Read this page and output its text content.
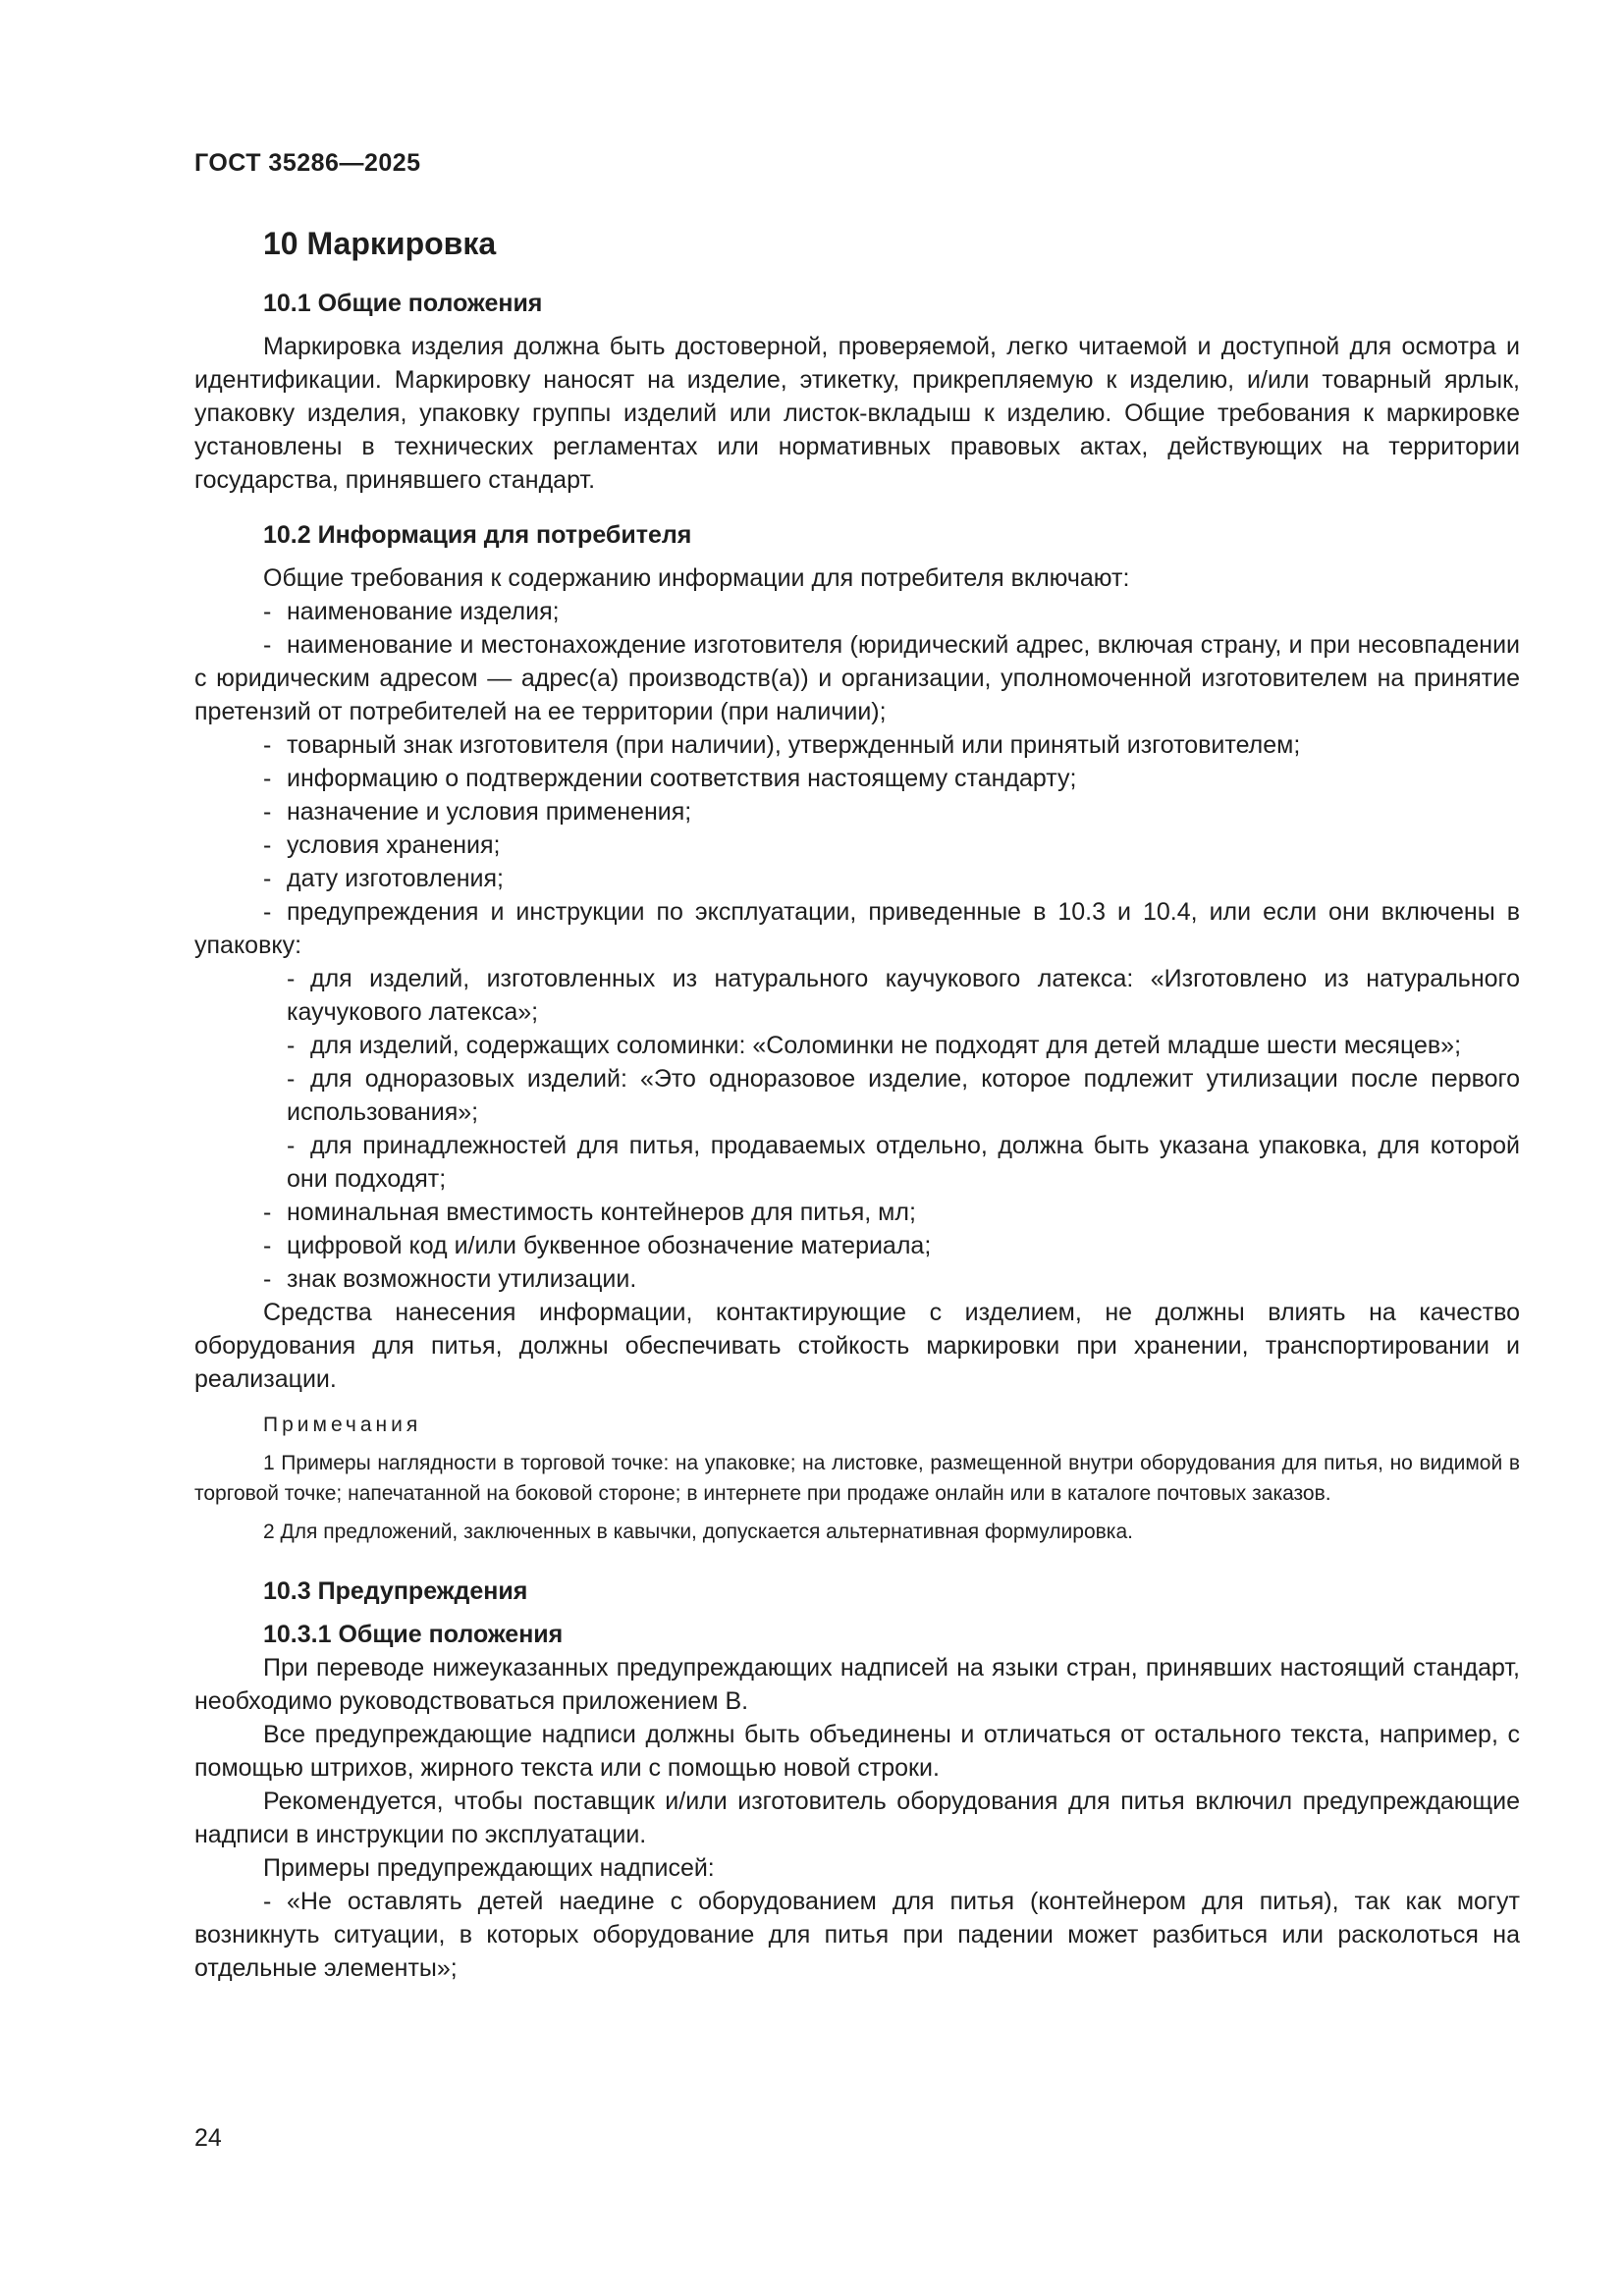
ГОСТ 35286—2025
10 Маркировка
10.1 Общие положения

Маркировка изделия должна быть достоверной, проверяемой, легко читаемой и доступной для осмотра и идентификации. Маркировку наносят на изделие, этикетку, прикрепляемую к изделию, и/или товарный ярлык, упаковку изделия, упаковку группы изделий или листок-вкладыш к изделию. Общие требования к маркировке установлены в технических регламентах или нормативных правовых актах, действующих на территории государства, принявшего стандарт.

10.2 Информация для потребителя

Общие требования к содержанию информации для потребителя включают:

- наименование изделия;
- наименование и местонахождение изготовителя (юридический адрес, включая страну, и при несовпадении с юридическим адресом — адрес(а) производств(а)) и организации, уполномоченной изготовителем на принятие претензий от потребителей на ее территории (при наличии);
- товарный знак изготовителя (при наличии), утвержденный или принятый изготовителем;
- информацию о подтверждении соответствия настоящему стандарту;
- назначение и условия применения;
- условия хранения;
- дату изготовления;
- предупреждения и инструкции по эксплуатации, приведенные в 10.3 и 10.4, или если они включены в упаковку:
- для изделий, изготовленных из натурального каучукового латекса: «Изготовлено из натурального каучукового латекса»;
- для изделий, содержащих соломинки: «Соломинки не подходят для детей младше шести месяцев»;
- для одноразовых изделий: «Это одноразовое изделие, которое подлежит утилизации после первого использования»;
- для принадлежностей для питья, продаваемых отдельно, должна быть указана упаковка, для которой они подходят;
- номинальная вместимость контейнеров для питья, мл;
- цифровой код и/или буквенное обозначение материала;
- знак возможности утилизации.

Средства нанесения информации, контактирующие с изделием, не должны влиять на качество оборудования для питья, должны обеспечивать стойкость маркировки при хранении, транспортировании и реализации.

Примечания

1 Примеры наглядности в торговой точке: на упаковке; на листовке, размещенной внутри оборудования для питья, но видимой в торговой точке; напечатанной на боковой стороне; в интернете при продаже онлайн или в каталоге почтовых заказов.

2 Для предложений, заключенных в кавычки, допускается альтернативная формулировка.

10.3 Предупреждения
10.3.1 Общие положения

При переводе нижеуказанных предупреждающих надписей на языки стран, принявших настоящий стандарт, необходимо руководствоваться приложением В.

Все предупреждающие надписи должны быть объединены и отличаться от остального текста, например, с помощью штрихов, жирного текста или с помощью новой строки.

Рекомендуется, чтобы поставщик и/или изготовитель оборудования для питья включил предупреждающие надписи в инструкции по эксплуатации.

Примеры предупреждающих надписей:

- «Не оставлять детей наедине с оборудованием для питья (контейнером для питья), так как могут возникнуть ситуации, в которых оборудование для питья при падении может разбиться или расколоться на отдельные элементы»;
24
